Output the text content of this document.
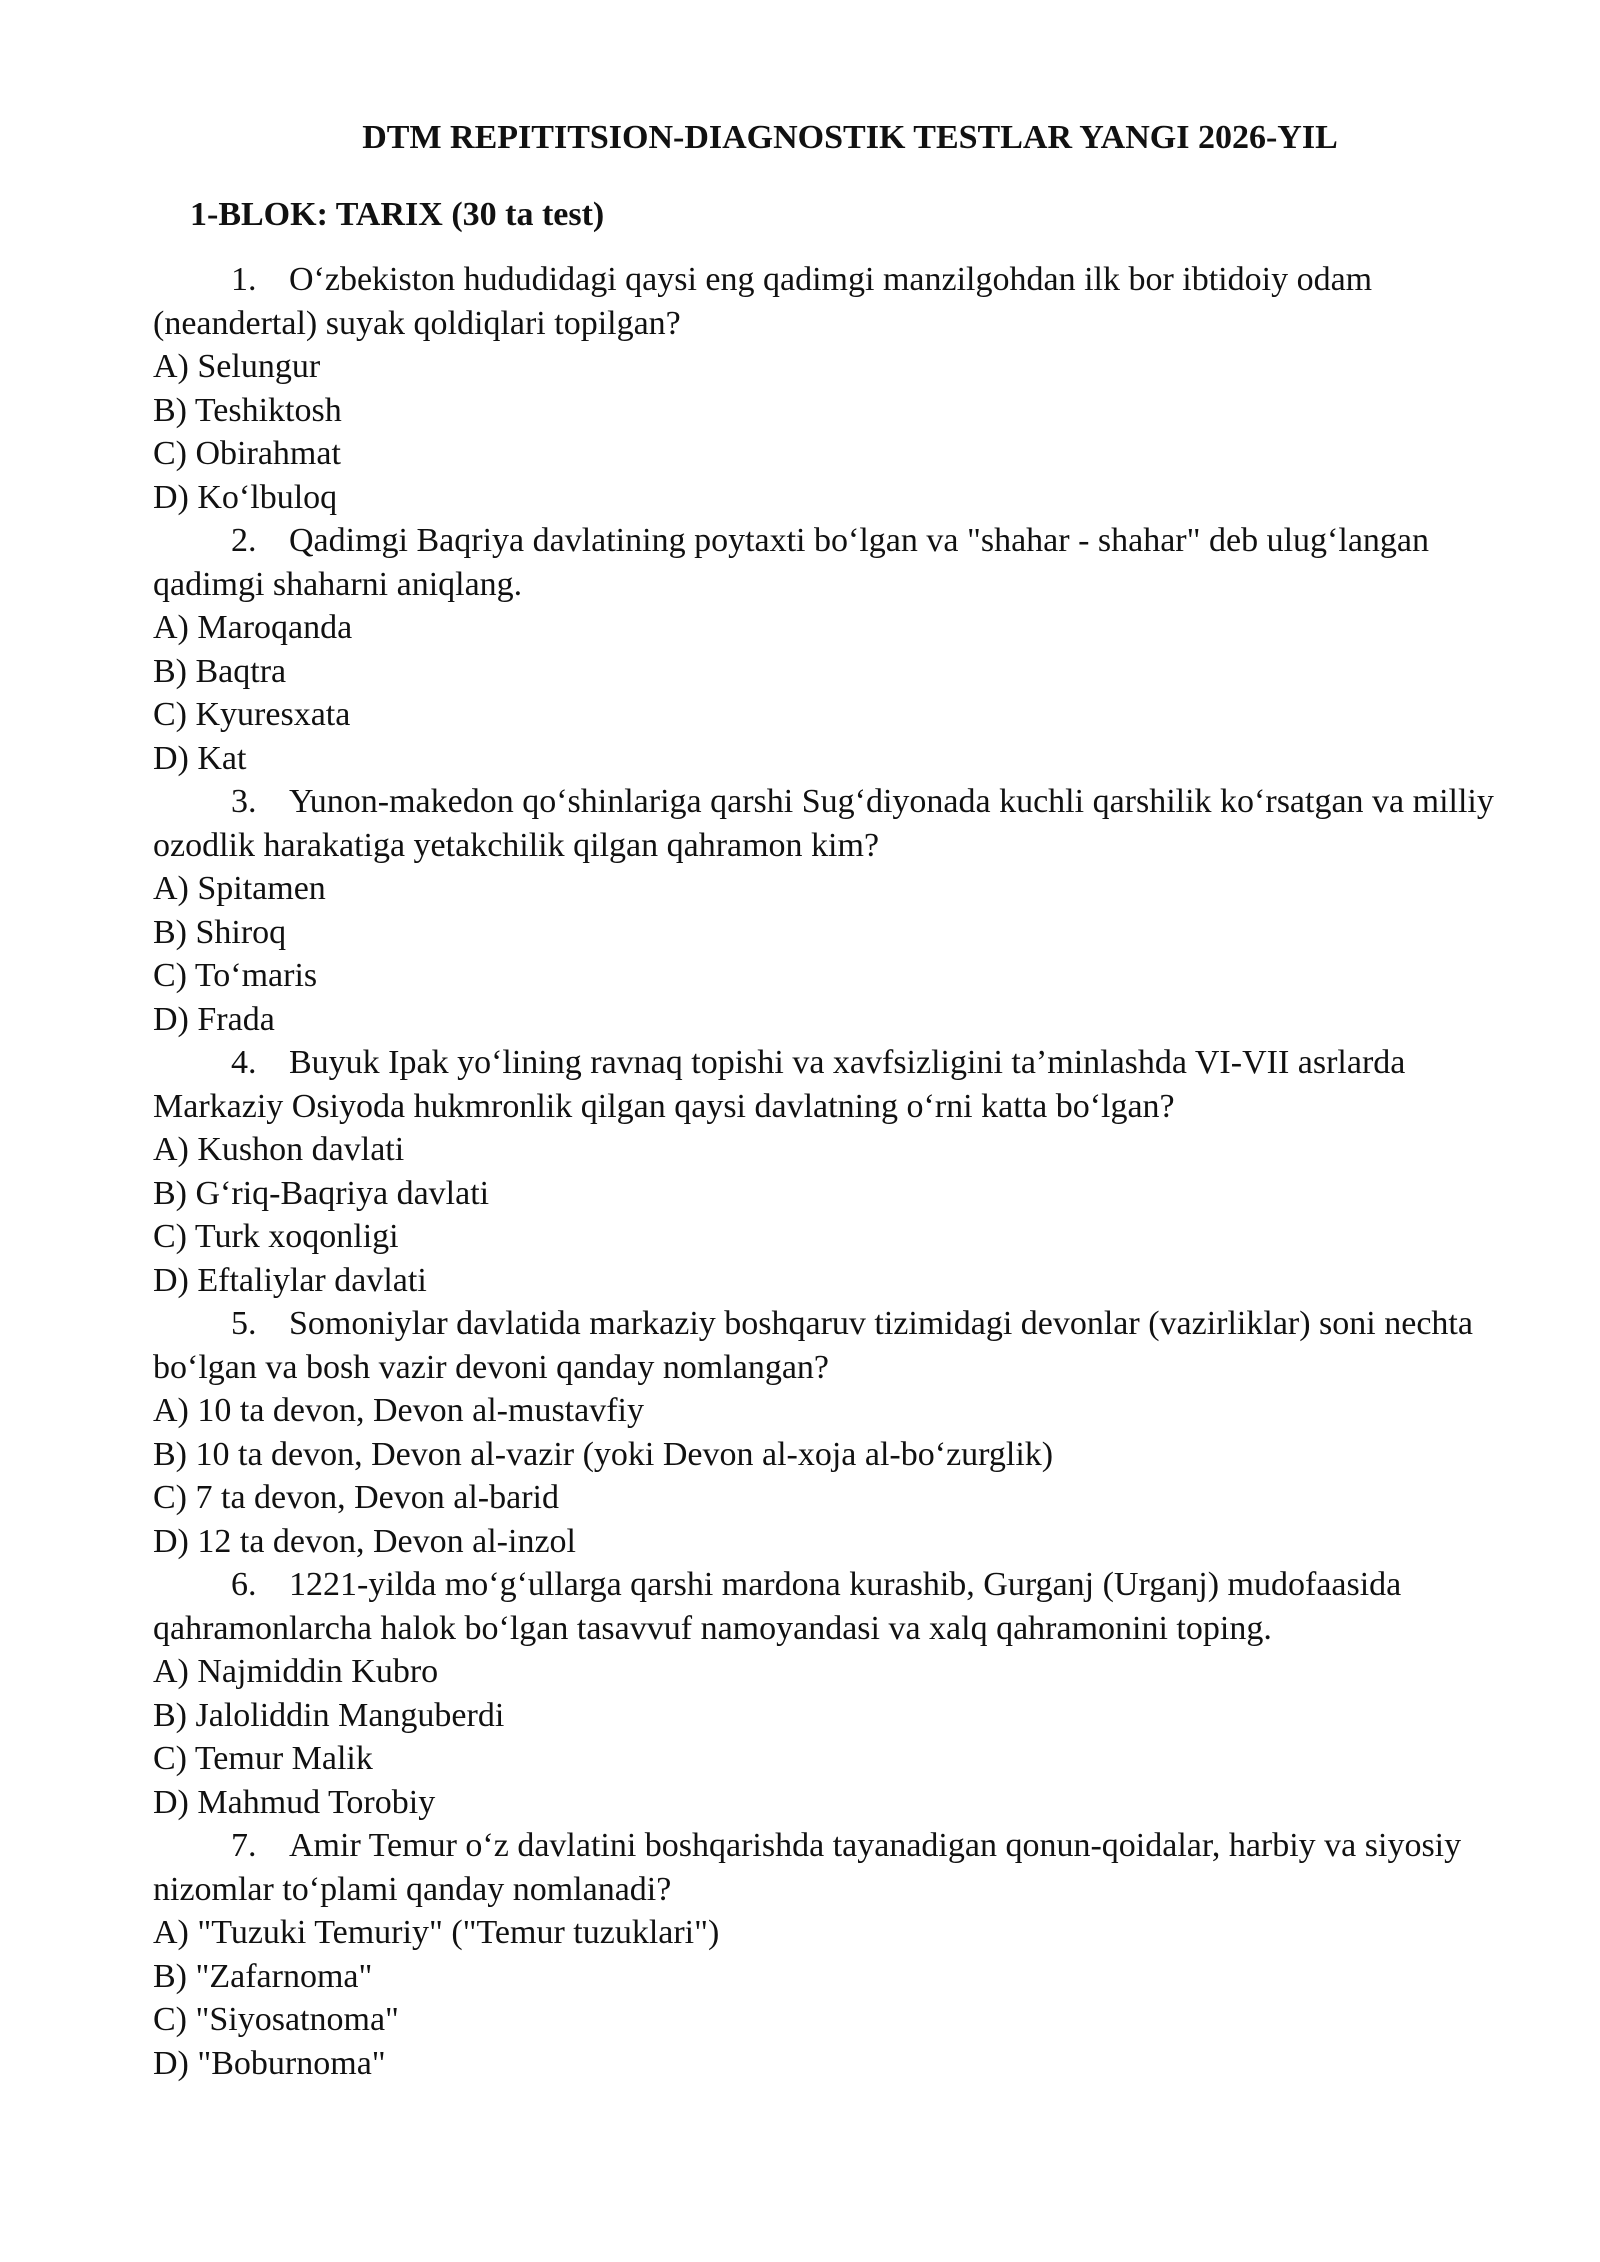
DTM REPITITSION-DIAGNOSTIK TESTLAR YANGI 2026-YIL
1-BLOK: TARIX (30 ta test)
1. O‘zbekiston hududidagi qaysi eng qadimgi manzilgohdan ilk bor ibtidoiy odam (neandertal) suyak qoldiqlari topilgan?
A) Selungur
B) Teshiktosh
C) Obirahmat
D) Ko‘lbuloq
2. Qadimgi Baqriya davlatining poytaxti bo‘lgan va "shahar - shahar" deb ulug‘langan qadimgi shaharni aniqlang.
A) Maroqanda
B) Baqtra
C) Kyuresxata
D) Kat
3. Yunon-makedon qo‘shinlariga qarshi Sug‘diyonada kuchli qarshilik ko‘rsatgan va milliy ozodlik harakatiga yetakchilik qilgan qahramon kim?
A) Spitamen
B) Shiroq
C) To‘maris
D) Frada
4. Buyuk Ipak yo‘lining ravnaq topishi va xavfsizligini ta’minlashda VI-VII asrlarda Markaziy Osiyoda hukmronlik qilgan qaysi davlatning o‘rni katta bo‘lgan?
A) Kushon davlati
B) G‘riq-Baqriya davlati
C) Turk xoqonligi
D) Eftaliylar davlati
5. Somoniylar davlatida markaziy boshqaruv tizimidagi devonlar (vazirliklar) soni nechta bo‘lgan va bosh vazir devoni qanday nomlangan?
A) 10 ta devon, Devon al-mustavfiy
B) 10 ta devon, Devon al-vazir (yoki Devon al-xoja al-bo‘zurglik)
C) 7 ta devon, Devon al-barid
D) 12 ta devon, Devon al-inzol
6. 1221-yilda mo‘g‘ullarga qarshi mardona kurashib, Gurganj (Urganj) mudofaasida qahramonlarcha halok bo‘lgan tasavvuf namoyandasi va xalq qahramonini toping.
A) Najmiddin Kubro
B) Jaloliddin Manguberdi
C) Temur Malik
D) Mahmud Torobiy
7. Amir Temur o‘z davlatini boshqarishda tayanadigan qonun-qoidalar, harbiy va siyosiy nizomlar to‘plami qanday nomlanadi?
A) "Tuzuki Temuriy" ("Temur tuzuklari")
B) "Zafarnoma"
C) "Siyosatnoma"
D) "Boburnoma"
